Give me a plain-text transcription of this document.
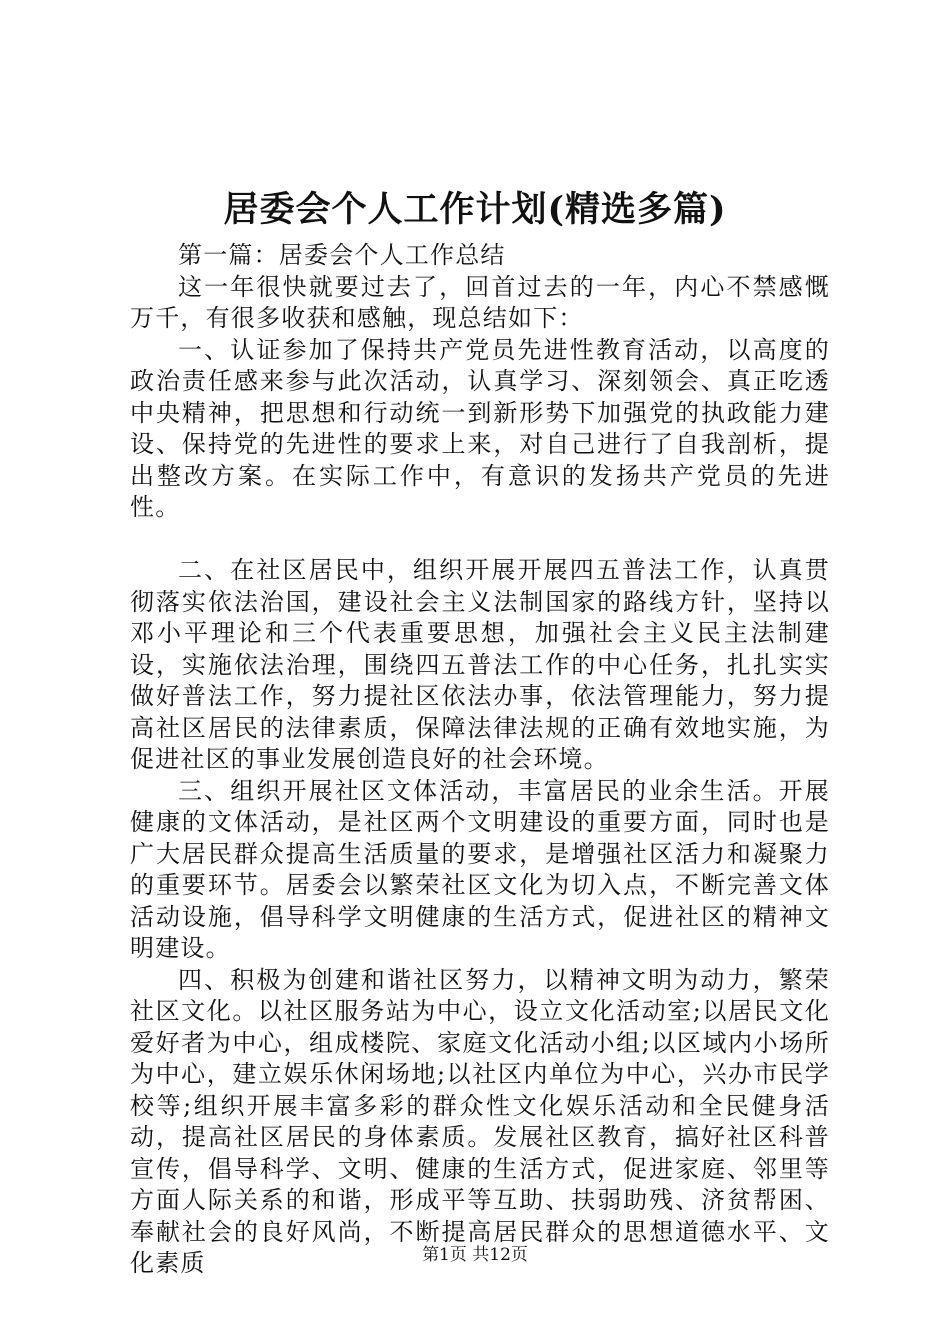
居委会个人工作计划(精选多篇)

第一篇：居委会个人工作总结

这一年很快就要过去了，回首过去的一年，内心不禁感慨万千，有很多收获和感触，现总结如下：

一、认证参加了保持共产党员先进性教育活动，以高度的政治责任感来参与此次活动，认真学习、深刻领会、真正吃透中央精神，把思想和行动统一到新形势下加强党的执政能力建设、保持党的先进性的要求上来，对自己进行了自我剖析，提出整改方案。在实际工作中，有意识的发扬共产党员的先进性。

二、在社区居民中，组织开展开展四五普法工作，认真贯彻落实依法治国，建设社会主义法制国家的路线方针，坚持以邓小平理论和三个代表重要思想，加强社会主义民主法制建设，实施依法治理，围绕四五普法工作的中心任务，扎扎实实做好普法工作，努力提社区依法办事，依法管理能力，努力提高社区居民的法律素质，保障法律法规的正确有效地实施，为促进社区的事业发展创造良好的社会环境。

三、组织开展社区文体活动，丰富居民的业余生活。开展健康的文体活动，是社区两个文明建设的重要方面，同时也是广大居民群众提高生活质量的要求，是增强社区活力和凝聚力的重要环节。居委会以繁荣社区文化为切入点，不断完善文体活动设施，倡导科学文明健康的生活方式，促进社区的精神文明建设。

四、积极为创建和谐社区努力，以精神文明为动力，繁荣社区文化。以社区服务站为中心，设立文化活动室;以居民文化爱好者为中心，组成楼院、家庭文化活动小组;以区域内小场所为中心，建立娱乐休闲场地;以社区内单位为中心，兴办市民学校等;组织开展丰富多彩的群众性文化娱乐活动和全民健身活动，提高社区居民的身体素质。发展社区教育，搞好社区科普宣传，倡导科学、文明、健康的生活方式，促进家庭、邻里等方面人际关系的和谐，形成平等互助、扶弱助残、济贫帮困、奉献社会的良好风尚，不断提高居民群众的思想道德水平、文化素质	第1页 共12页
